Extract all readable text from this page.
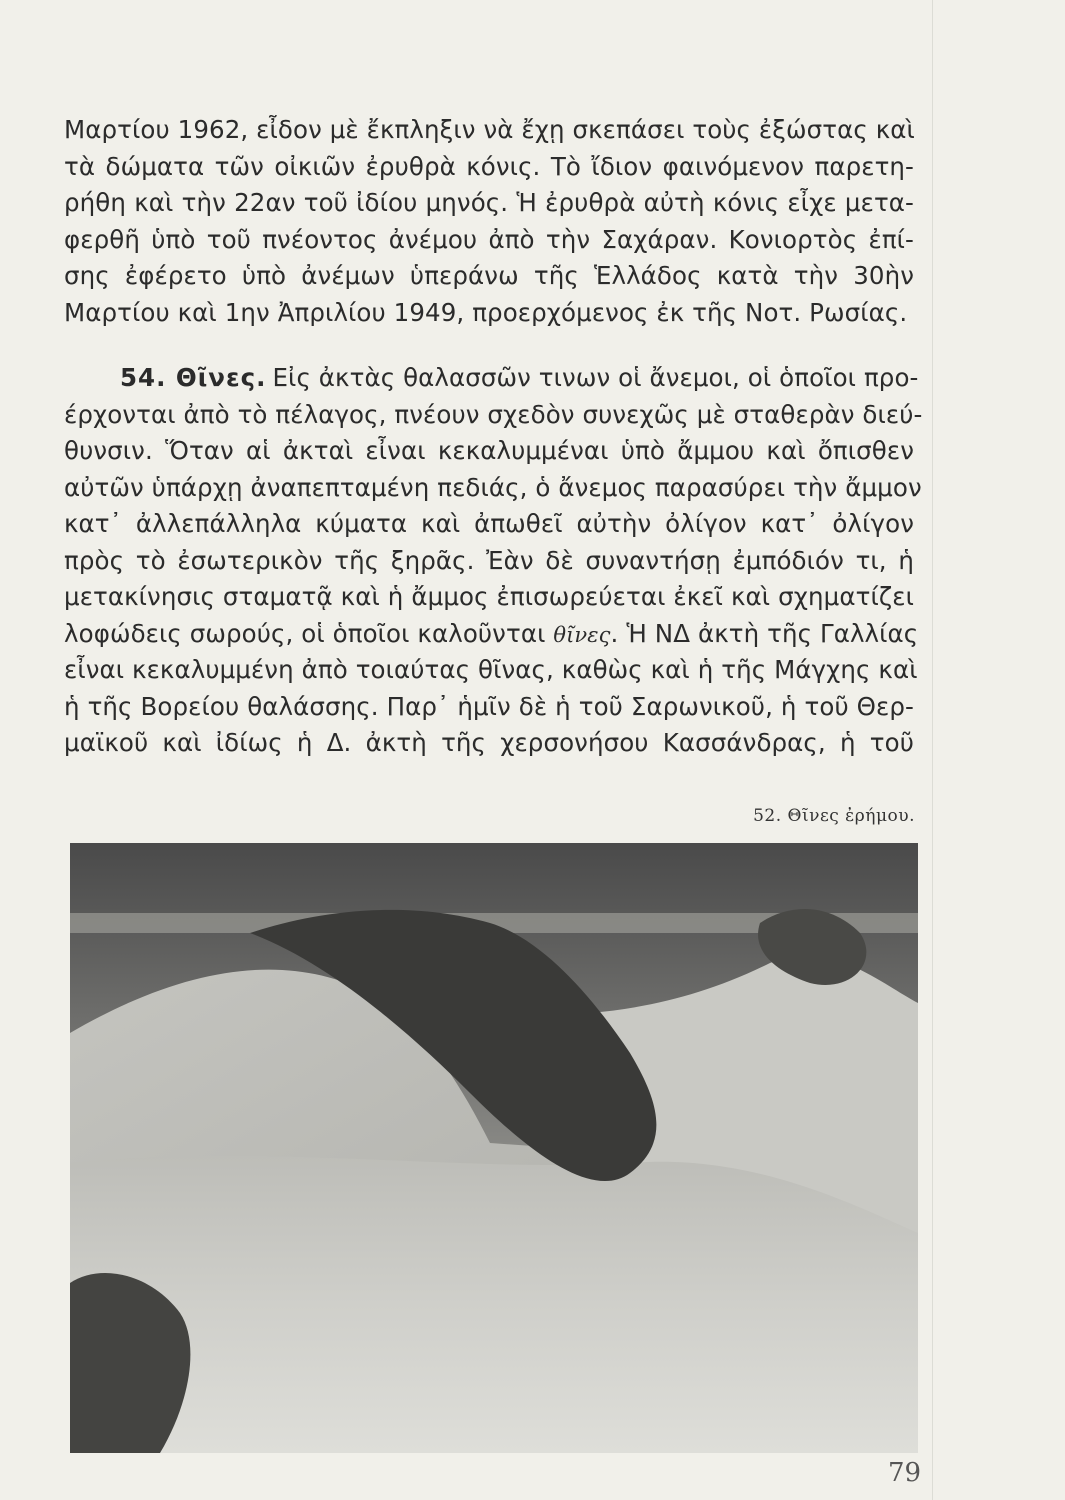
Μαρτίου 1962, εἶδον μὲ ἔκπληξιν νὰ ἔχῃ σκεπάσει τοὺς ἐξώστας καὶ
τὰ δώματα τῶν οἰκιῶν ἐρυθρὰ κόνις. Τὸ ἴδιον φαινόμενον παρετη-
ρήθη καὶ τὴν 22αν τοῦ ἰδίου μηνός. Ἡ ἐρυθρὰ αὐτὴ κόνις εἶχε μετα-
φερθῆ ὑπὸ τοῦ πνέοντος ἀνέμου ἀπὸ τὴν Σαχάραν. Κονιορτὸς ἐπί-
σης ἐφέρετο ὑπὸ ἀνέμων ὑπεράνω τῆς Ἑλλάδος κατὰ τὴν 30ὴν
Μαρτίου καὶ 1ην Ἀπριλίου 1949, προερχόμενος ἐκ τῆς Νοτ. Ρωσίας.
54. Θῖνες. Εἰς ἀκτὰς θαλασσῶν τινων οἱ ἄνεμοι, οἱ ὁποῖοι προ-
έρχονται ἀπὸ τὸ πέλαγος, πνέουν σχεδὸν συνεχῶς μὲ σταθερὰν διεύ-
θυνσιν. Ὅταν αἱ ἀκταὶ εἶναι κεκαλυμμέναι ὑπὸ ἄμμου καὶ ὄπισθεν
αὐτῶν ὑπάρχῃ ἀναπεπταμένη πεδιάς, ὁ ἄνεμος παρασύρει τὴν ἄμμον
κατ᾽ ἀλλεπάλληλα κύματα καὶ ἀπωθεῖ αὐτὴν ὀλίγον κατ᾽ ὀλίγον
πρὸς τὸ ἐσωτερικὸν τῆς ξηρᾶς. Ἐὰν δὲ συναντήσῃ ἐμπόδιόν τι, ἡ
μετακίνησις σταματᾷ καὶ ἡ ἄμμος ἐπισωρεύεται ἐκεῖ καὶ σχηματίζει
λοφώδεις σωρούς, οἱ ὁποῖοι καλοῦνται θῖνες. Ἡ ΝΔ ἀκτὴ τῆς Γαλλίας
εἶναι κεκαλυμμένη ἀπὸ τοιαύτας θῖνας, καθὼς καὶ ἡ τῆς Μάγχης καὶ
ἡ τῆς Βορείου θαλάσσης. Παρ᾽ ἡμῖν δὲ ἡ τοῦ Σαρωνικοῦ, ἡ τοῦ Θερ-
μαϊκοῦ καὶ ἰδίως ἡ Δ. ἀκτὴ τῆς χερσονήσου Κασσάνδρας, ἡ τοῦ
52. Θῖνες ἐρήμου.
79
